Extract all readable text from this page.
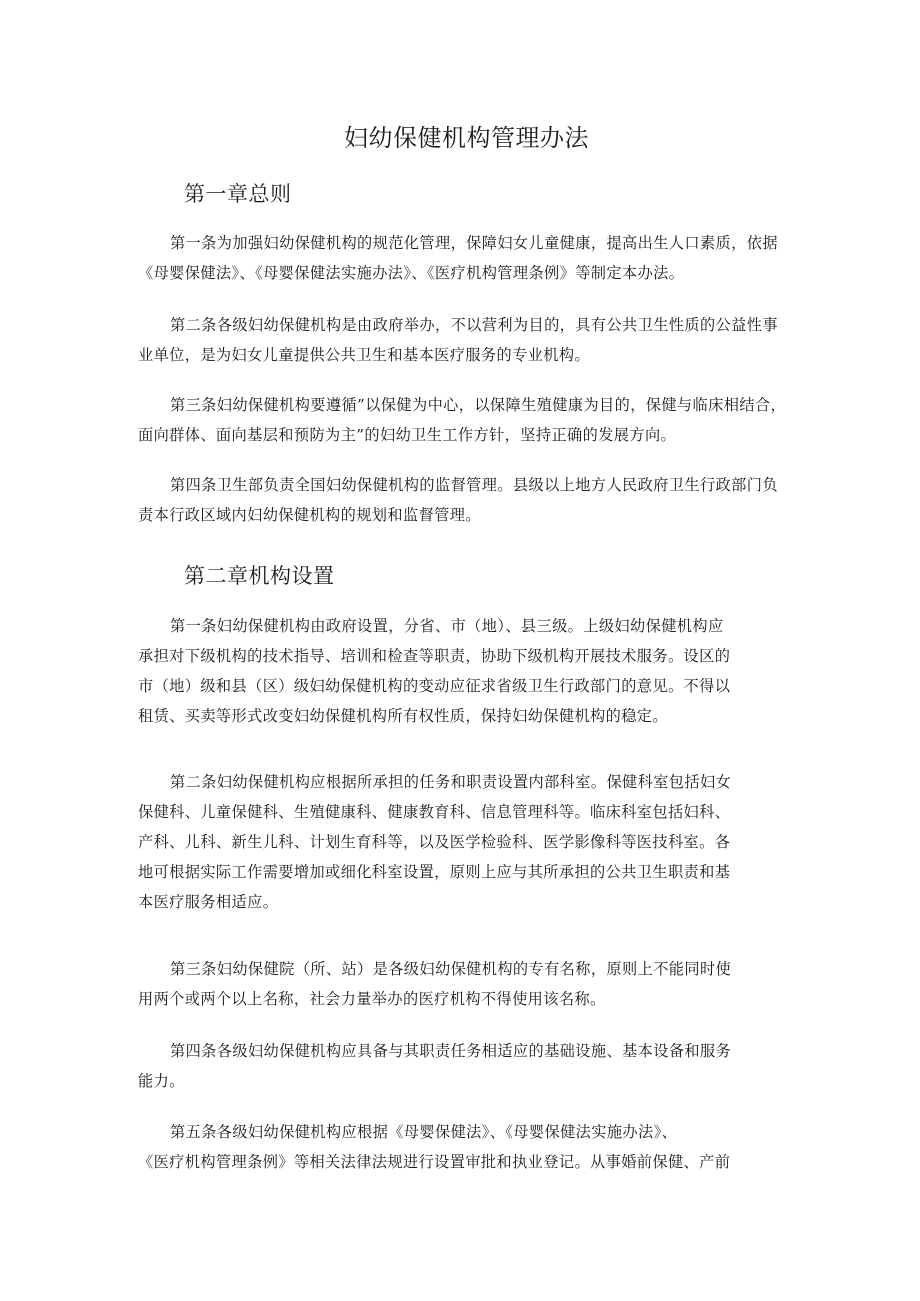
妇幼保健机构管理办法
第一章总则

第一条为加强妇幼保健机构的规范化管理，保障妇女儿童健康，提高出生人口素质，依据
《母婴保健法》、《母婴保健法实施办法》、《医疗机构管理条例》等制定本办法。

第二条各级妇幼保健机构是由政府举办，不以营利为目的，具有公共卫生性质的公益性事
业单位，是为妇女儿童提供公共卫生和基本医疗服务的专业机构。

第三条妇幼保健机构要遵循”以保健为中心，以保障生殖健康为目的，保健与临床相结合，
面向群体、面向基层和预防为主”的妇幼卫生工作方针，坚持正确的发展方向。

第四条卫生部负责全国妇幼保健机构的监督管理。县级以上地方人民政府卫生行政部门负
责本行政区域内妇幼保健机构的规划和监督管理。

第二章机构设置

第一条妇幼保健机构由政府设置，分省、市（地）、县三级。上级妇幼保健机构应
承担对下级机构的技术指导、培训和检查等职责，协助下级机构开展技术服务。设区的
市（地）级和县（区）级妇幼保健机构的变动应征求省级卫生行政部门的意见。不得以
租赁、买卖等形式改变妇幼保健机构所有权性质，保持妇幼保健机构的稳定。

第二条妇幼保健机构应根据所承担的任务和职责设置内部科室。保健科室包括妇女
保健科、儿童保健科、生殖健康科、健康教育科、信息管理科等。临床科室包括妇科、
产科、儿科、新生儿科、计划生育科等，以及医学检验科、医学影像科等医技科室。各
地可根据实际工作需要增加或细化科室设置，原则上应与其所承担的公共卫生职责和基
本医疗服务相适应。

第三条妇幼保健院（所、站）是各级妇幼保健机构的专有名称，原则上不能同时使
用两个或两个以上名称，社会力量举办的医疗机构不得使用该名称。

第四条各级妇幼保健机构应具备与其职责任务相适应的基础设施、基本设备和服务
能力。

第五条各级妇幼保健机构应根据《母婴保健法》、《母婴保健法实施办法》、
《医疗机构管理条例》等相关法律法规进行设置审批和执业登记。从事婚前保健、产前
